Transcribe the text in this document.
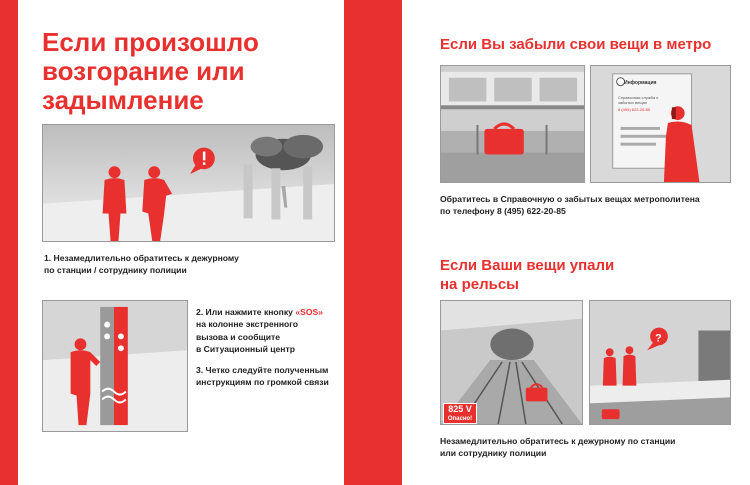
Если произошло
возгорание или
задымление
1. Незамедлительно обратитесь к дежурному
по станции / сотруднику полиции
2. Или нажмите кнопку «SOS»
на колонне экстренного
вызова и сообщите
в Ситуационный центр
3. Четко следуйте полученным
инструкциям по громкой связи
Если Вы забыли свои вещи в метро
Информация
Справочная служба о забытых вещах
8 (495) 622-20-85
Обратитесь в Справочную о забытых вещах метрополитена
по телефону 8 (495) 622-20-85
Если Ваши вещи упали
на рельсы
825 V
Опасно!
?
Незамедлительно обратитесь к дежурному по станции
или сотруднику полиции
